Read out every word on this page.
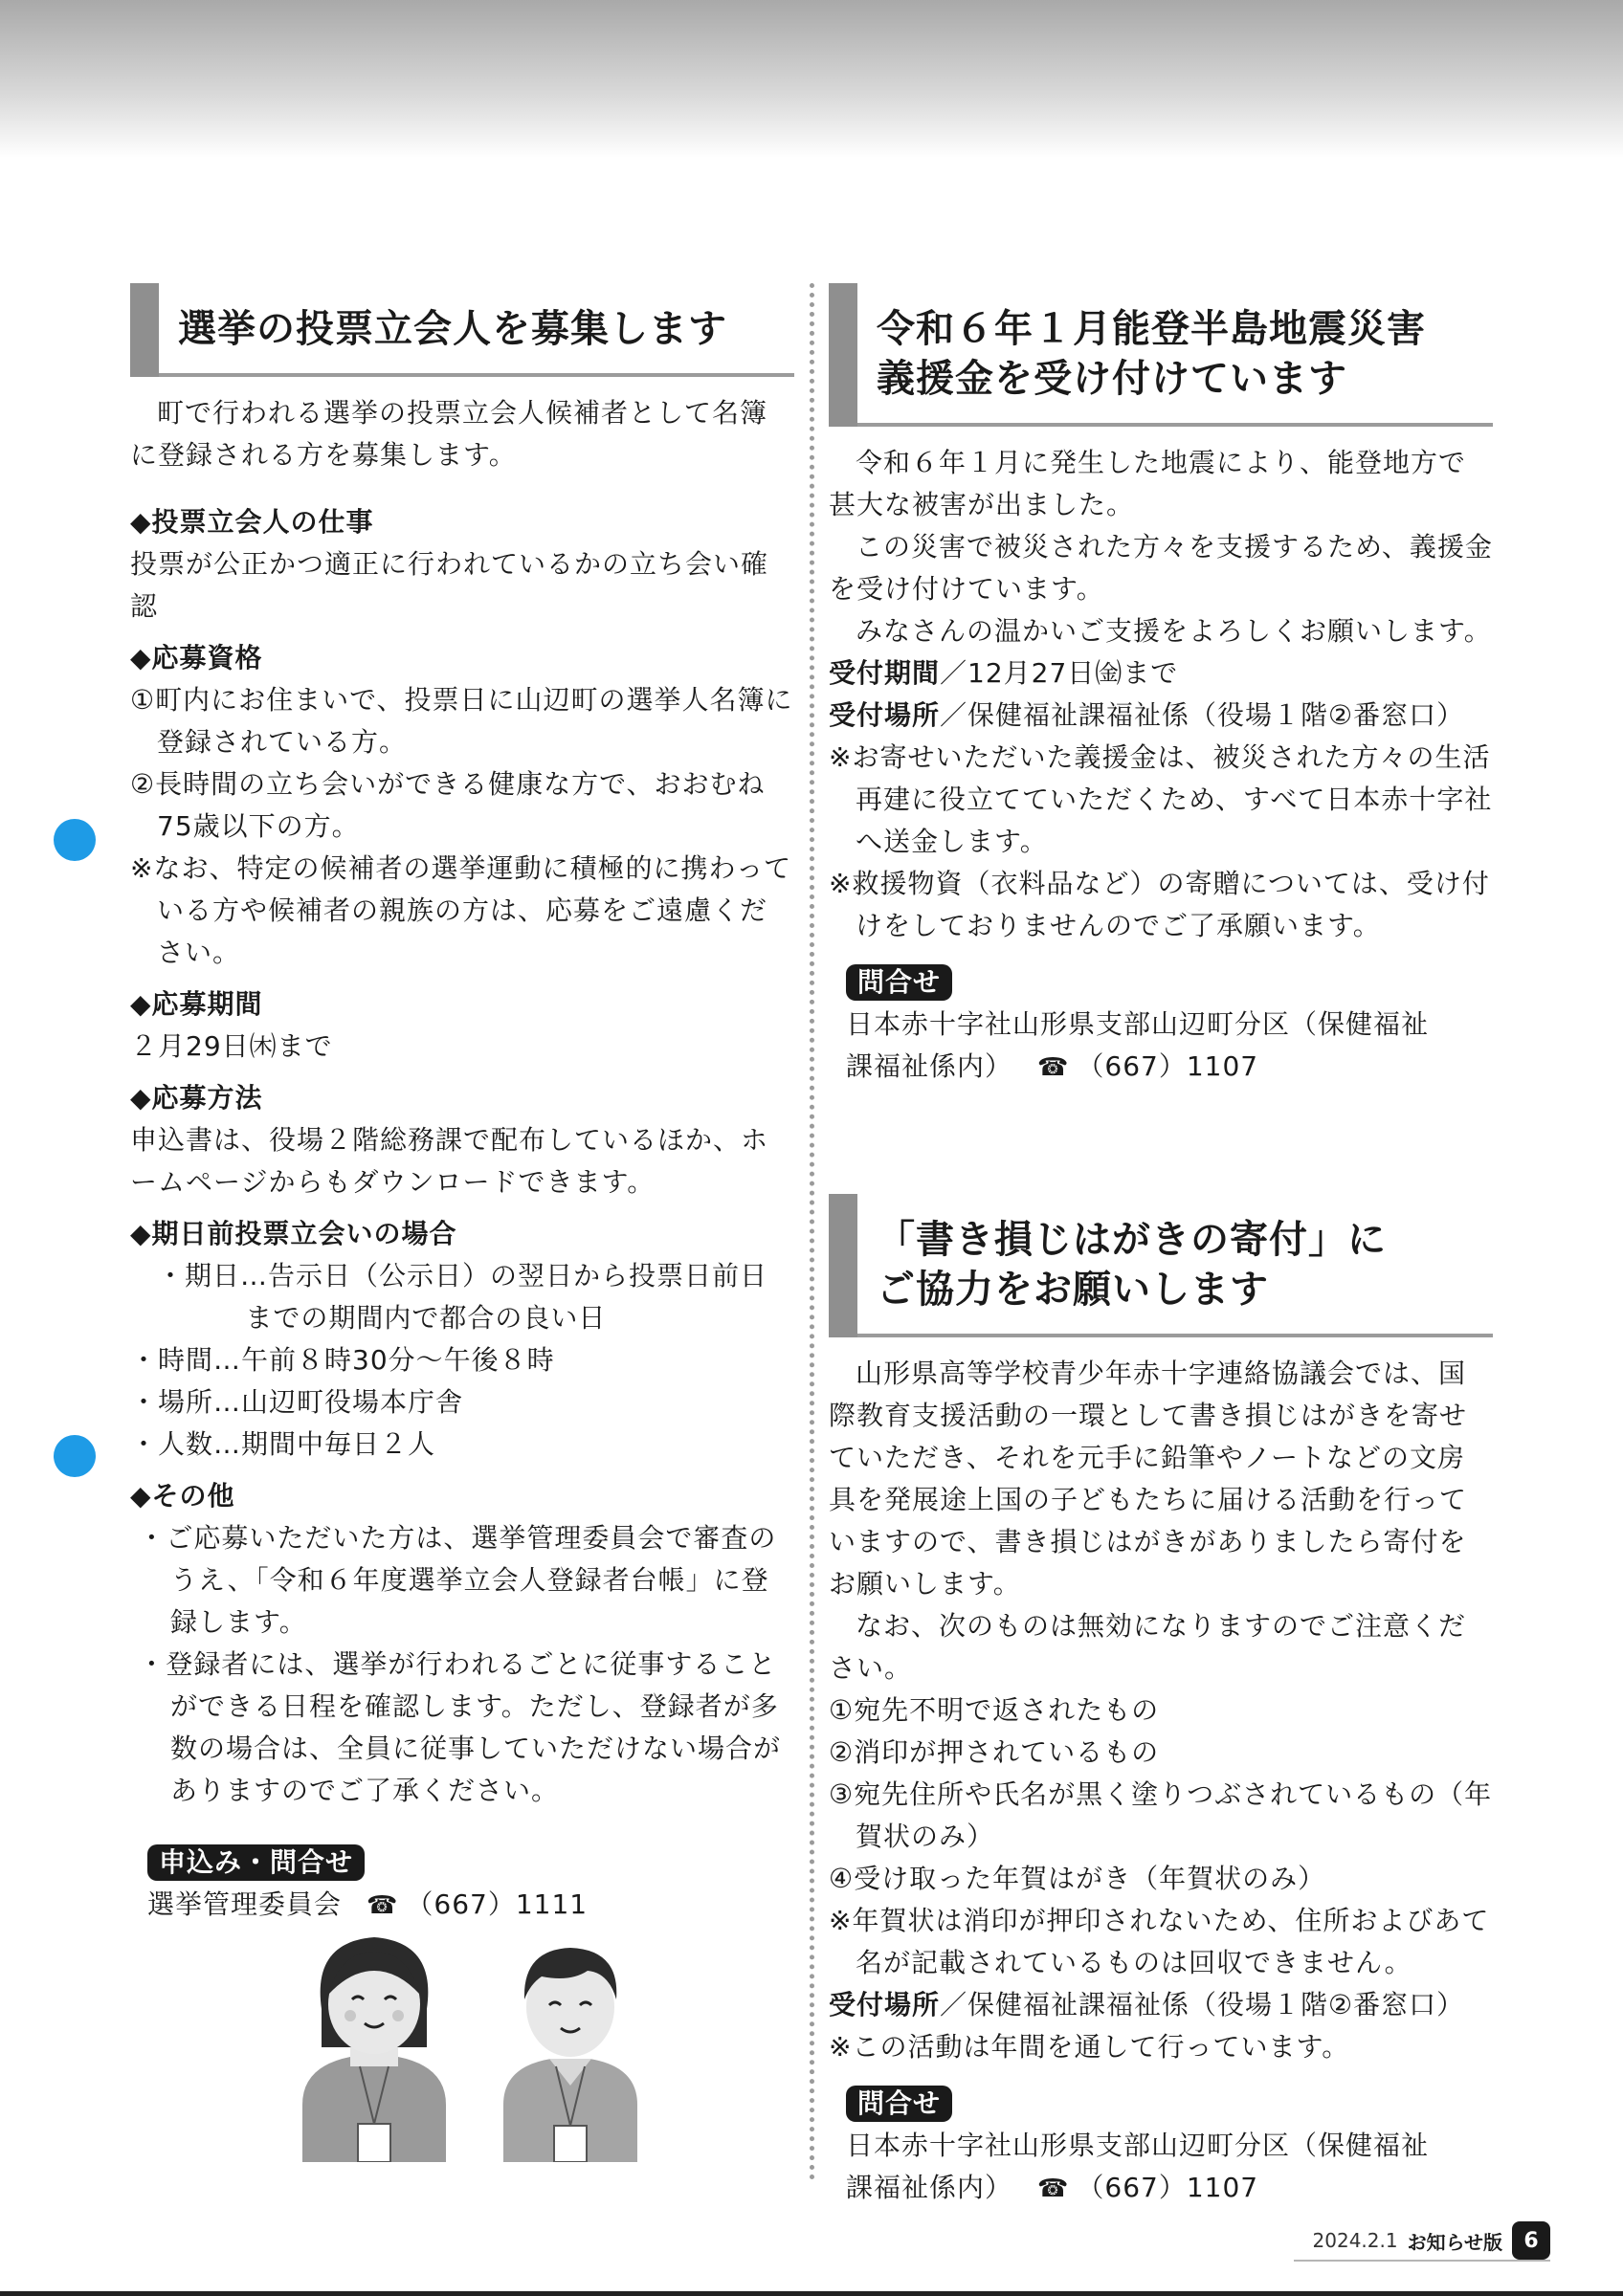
選挙の投票立会人を募集します

町で行われる選挙の投票立会人候補者として名簿に登録される方を募集します。

◆投票立会人の仕事

投票が公正かつ適正に行われているかの立ち会い確認

◆応募資格

①町内にお住まいで、投票日に山辺町の選挙人名簿に登録されている方。

②長時間の立ち会いができる健康な方で、おおむね75歳以下の方。

※なお、特定の候補者の選挙運動に積極的に携わっている方や候補者の親族の方は、応募をご遠慮ください。

◆応募期間

２月29日㈭まで

◆応募方法

申込書は、役場２階総務課で配布しているほか、ホームページからもダウンロードできます。

◆期日前投票立会いの場合

・期日…告示日（公示日）の翌日から投票日前日までの期間内で都合の良い日

・時間…午前８時30分～午後８時

・場所…山辺町役場本庁舎

・人数…期間中毎日２人

◆その他

・ご応募いただいた方は、選挙管理委員会で審査のうえ、「令和６年度選挙立会人登録者台帳」に登録します。

・登録者には、選挙が行われるごとに従事することができる日程を確認します。ただし、登録者が多数の場合は、全員に従事していただけない場合がありますのでご了承ください。

申込み・問合せ
選挙管理委員会 ☎ （667）1111
令和６年１月能登半島地震災害
義援金を受け付けています

令和６年１月に発生した地震により、能登地方で甚大な被害が出ました。

この災害で被災された方々を支援するため、義援金を受け付けています。

みなさんの温かいご支援をよろしくお願いします。

受付期間／12月27日㈮まで

受付場所／保健福祉課福祉係（役場１階②番窓口）

※お寄せいただいた義援金は、被災された方々の生活再建に役立てていただくため、すべて日本赤十字社へ送金します。

※救援物資（衣料品など）の寄贈については、受け付けをしておりませんのでご了承願います。

問合せ
日本赤十字社山形県支部山辺町分区（保健福祉
課福祉係内） ☎ （667）1107
「書き損じはがきの寄付」に
ご協力をお願いします

山形県高等学校青少年赤十字連絡協議会では、国際教育支援活動の一環として書き損じはがきを寄せていただき、それを元手に鉛筆やノートなどの文房具を発展途上国の子どもたちに届ける活動を行っていますので、書き損じはがきがありましたら寄付をお願いします。

なお、次のものは無効になりますのでご注意ください。

①宛先不明で返されたもの

②消印が押されているもの

③宛先住所や氏名が黒く塗りつぶされているもの（年賀状のみ）

④受け取った年賀はがき（年賀状のみ）

※年賀状は消印が押印されないため、住所およびあて名が記載されているものは回収できません。

受付場所／保健福祉課福祉係（役場１階②番窓口）

※この活動は年間を通して行っています。

問合せ
日本赤十字社山形県支部山辺町分区（保健福祉
課福祉係内） ☎ （667）1107
2024.2.1 お知らせ版	6
